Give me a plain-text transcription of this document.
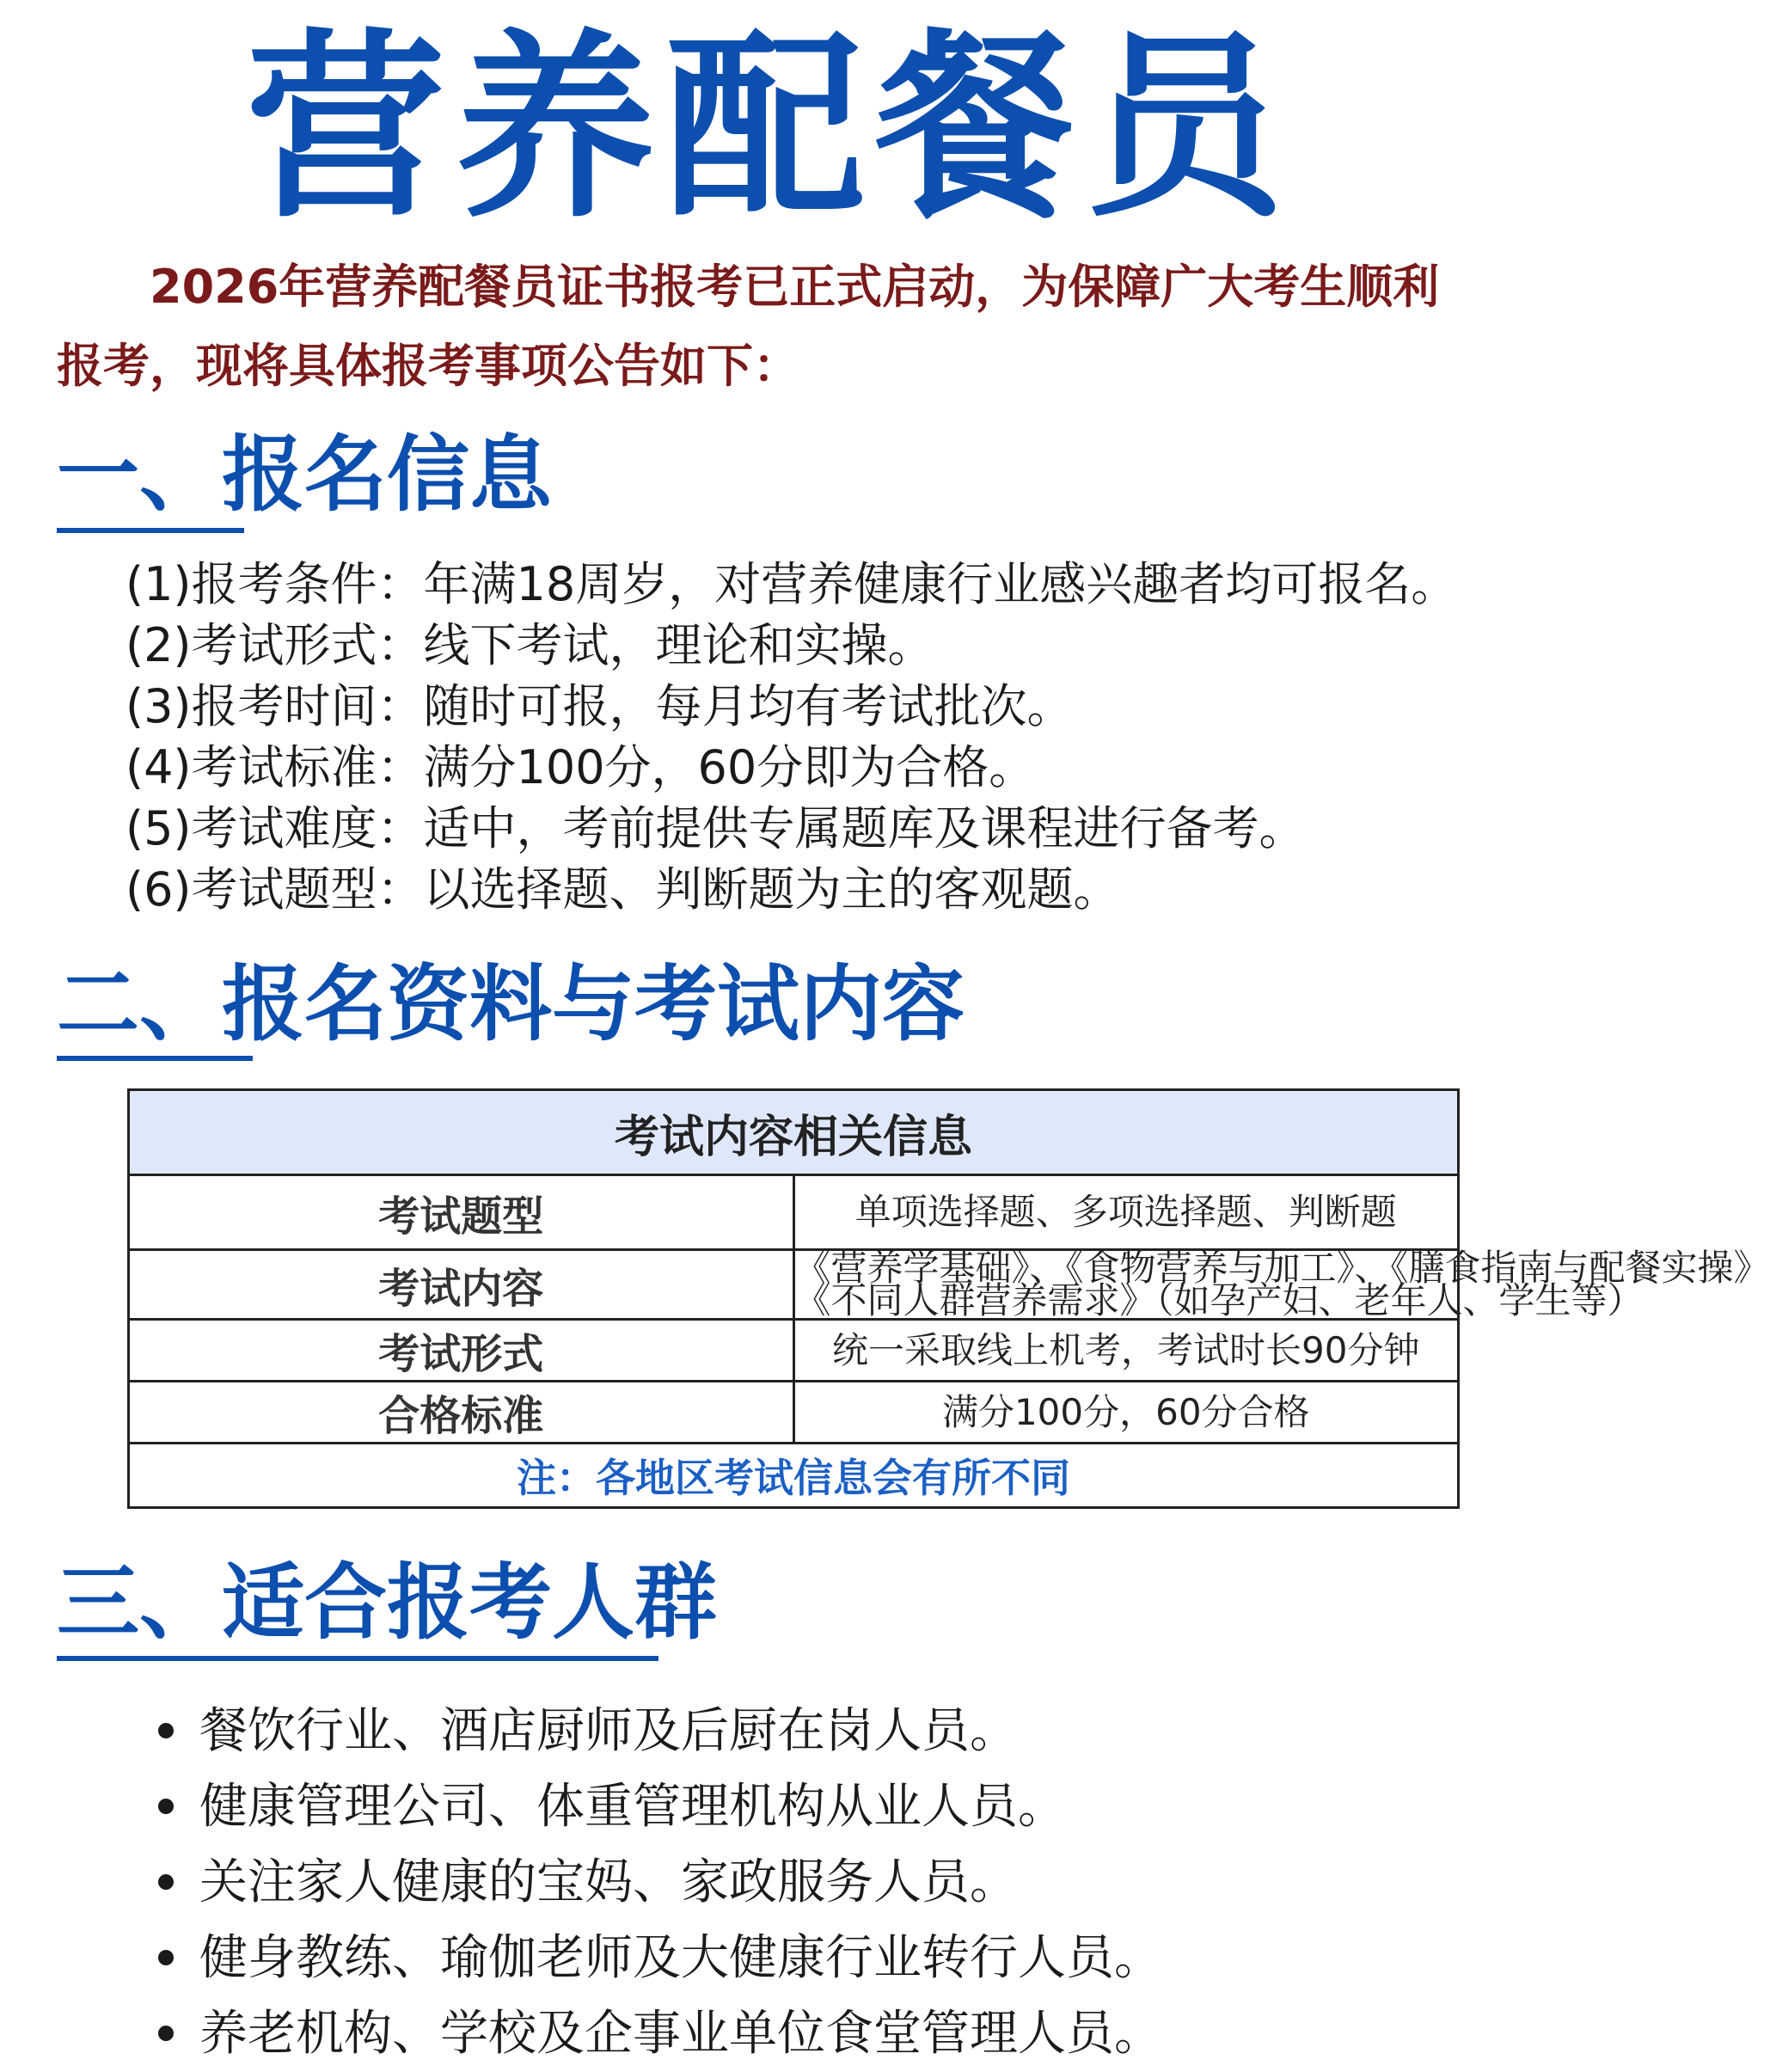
营养配餐员
2026年营养配餐员证书报考已正式启动，为保障广大考生顺利
报考，现将具体报考事项公告如下：
一、报名信息
(1)报考条件：年满18周岁，对营养健康行业感兴趣者均可报名。
(2)考试形式：线下考试，理论和实操。
(3)报考时间：随时可报，每月均有考试批次。
(4)考试标准：满分100分，60分即为合格。
(5)考试难度：适中，考前提供专属题库及课程进行备考。
(6)考试题型：以选择题、判断题为主的客观题。
二、报名资料与考试内容
考试内容相关信息	
考试题型	单项选择题、多项选择题、判断题
考试内容	《营养学基础》、《食物营养与加工》、《膳食指南与配餐实操》
《不同人群营养需求》（如孕产妇、老年人、学生等）

考试形式	统一采取线上机考，考试时长90分钟
合格标准	满分100分，60分合格
注：各地区考试信息会有所不同	
三、适合报考人群
餐饮行业、酒店厨师及后厨在岗人员。
健康管理公司、体重管理机构从业人员。
关注家人健康的宝妈、家政服务人员。
健身教练、瑜伽老师及大健康行业转行人员。
养老机构、学校及企事业单位食堂管理人员。
